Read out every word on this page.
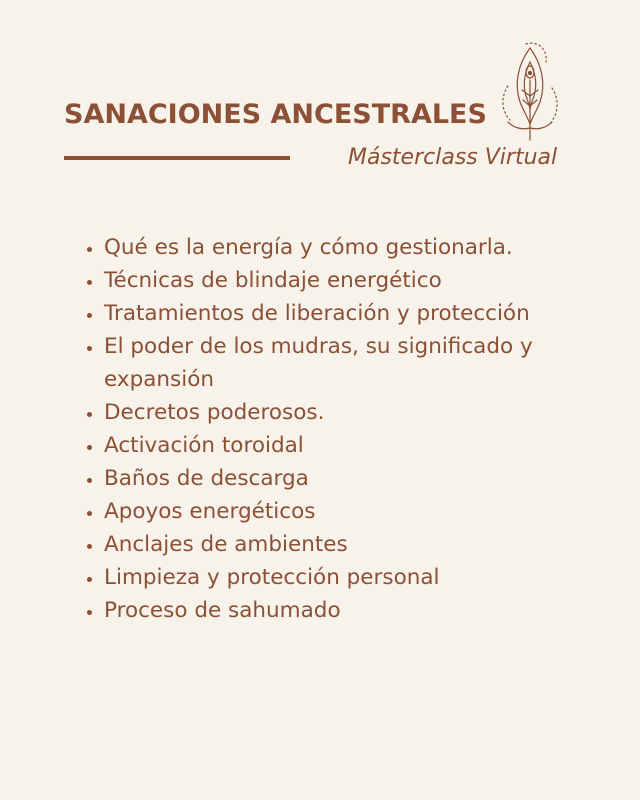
SANACIONES ANCESTRALES
Másterclass Virtual
• Qué es la energía y cómo gestionarla.
• Técnicas de blindaje energético
• Tratamientos de liberación y protección
• El poder de los mudras, su significado y expansión
• Decretos poderosos.
• Activación toroidal
• Baños de descarga
• Apoyos energéticos
• Anclajes de ambientes
• Limpieza y protección personal
• Proceso de sahumado
